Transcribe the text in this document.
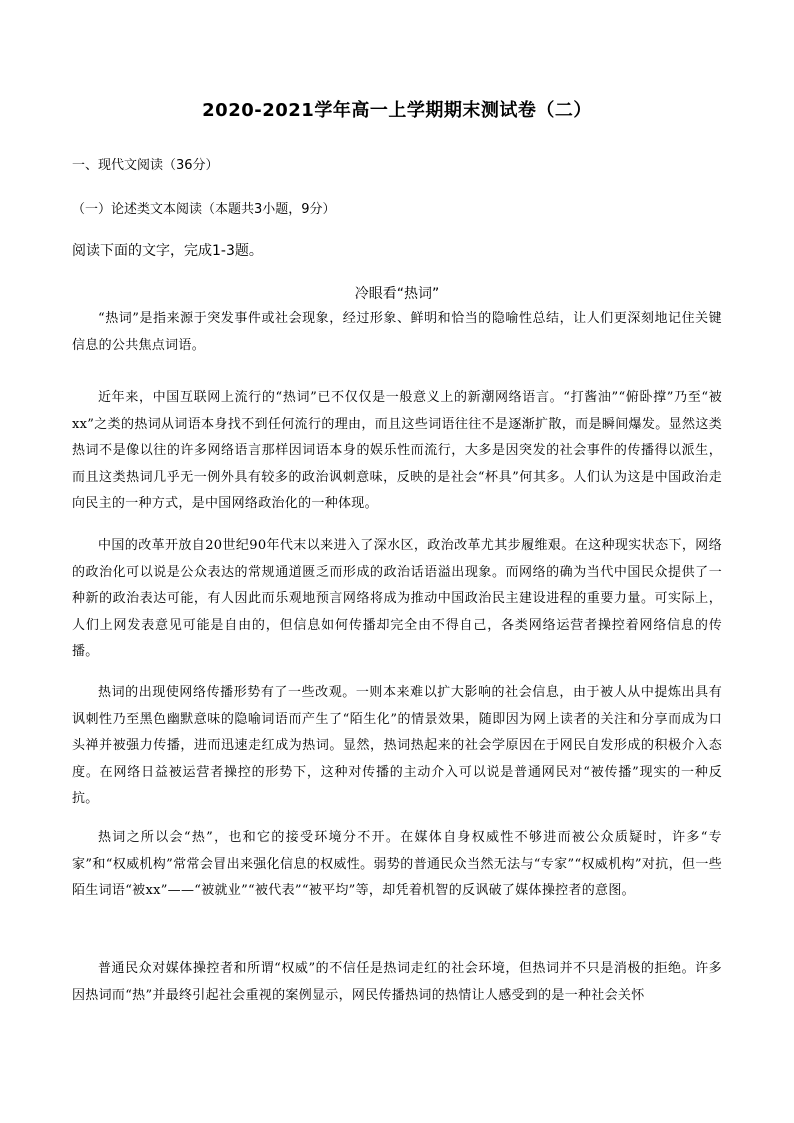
2020-2021学年高一上学期期末测试卷（二）
一、现代文阅读（36分）
（一）论述类文本阅读（本题共3小题，9分）
阅读下面的文字，完成1-3题。
冷眼看“热词”

“热词”是指来源于突发事件或社会现象，经过形象、鲜明和恰当的隐喻性总结，让人们更深刻地记住关键信息的公共焦点词语。

近年来，中国互联网上流行的“热词”已不仅仅是一般意义上的新潮网络语言。“打酱油”“俯卧撑”乃至“被xx”之类的热词从词语本身找不到任何流行的理由，而且这些词语往往不是逐渐扩散，而是瞬间爆发。显然这类热词不是像以往的许多网络语言那样因词语本身的娱乐性而流行，大多是因突发的社会事件的传播得以派生，而且这类热词几乎无一例外具有较多的政治讽刺意味，反映的是社会“杯具”何其多。人们认为这是中国政治走向民主的一种方式，是中国网络政治化的一种体现。

中国的改革开放自20世纪90年代末以来进入了深水区，政治改革尤其步履维艰。在这种现实状态下，网络的政治化可以说是公众表达的常规通道匮乏而形成的政治话语溢出现象。而网络的确为当代中国民众提供了一种新的政治表达可能，有人因此而乐观地预言网络将成为推动中国政治民主建设进程的重要力量。可实际上，人们上网发表意见可能是自由的，但信息如何传播却完全由不得自己，各类网络运营者操控着网络信息的传播。

热词的出现使网络传播形势有了一些改观。一则本来难以扩大影响的社会信息，由于被人从中提炼出具有讽刺性乃至黑色幽默意味的隐喻词语而产生了“陌生化”的情景效果，随即因为网上读者的关注和分享而成为口头禅并被强力传播，进而迅速走红成为热词。显然，热词热起来的社会学原因在于网民自发形成的积极介入态度。在网络日益被运营者操控的形势下，这种对传播的主动介入可以说是普通网民对“被传播”现实的一种反抗。

热词之所以会“热”，也和它的接受环境分不开。在媒体自身权威性不够进而被公众质疑时，许多“专家”和“权威机构”常常会冒出来强化信息的权威性。弱势的普通民众当然无法与“专家”“权威机构”对抗，但一些陌生词语“被xx”——“被就业”“被代表”“被平均”等，却凭着机智的反讽破了媒体操控者的意图。

普通民众对媒体操控者和所谓“权威”的不信任是热词走红的社会环境，但热词并不只是消极的拒绝。许多因热词而“热”并最终引起社会重视的案例显示，网民传播热词的热情让人感受到的是一种社会关怀
